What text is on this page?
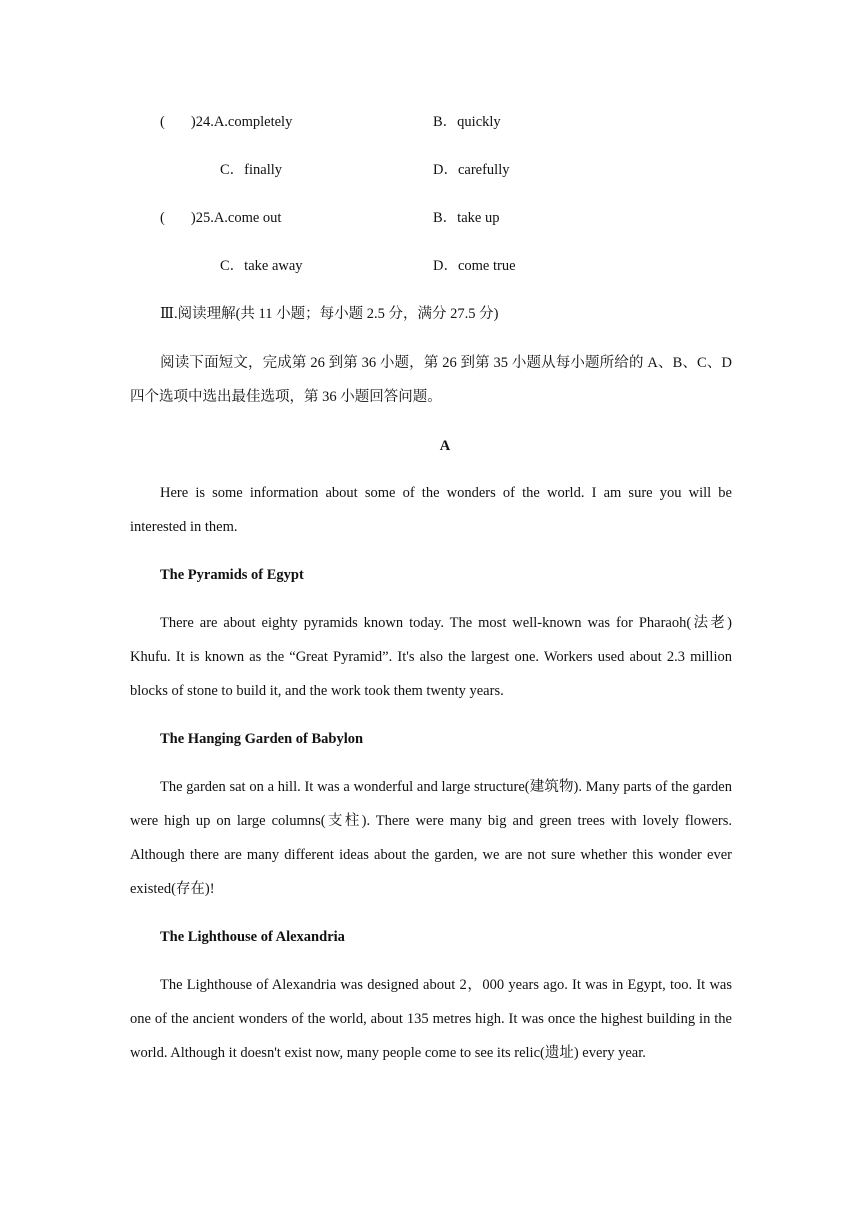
( )24.A.completely	B．quickly
C．finally	D．carefully
( )25.A.come out	B．take up
C．take away	D．come true
Ⅲ.阅读理解(共 11 小题；每小题 2.5 分，满分 27.5 分)
阅读下面短文，完成第 26 到第 36 小题，第 26 到第 35 小题从每小题所给的 A、B、C、D 四个选项中选出最佳选项，第 36 小题回答问题。
A
Here is some information about some of the wonders of the world. I am sure you will be interested in them.
The Pyramids of Egypt
There are about eighty pyramids known today. The most well-known was for Pharaoh(法老) Khufu. It is known as the “Great Pyramid”. It's also the largest one. Workers used about 2.3 million blocks of stone to build it, and the work took them twenty years.
The Hanging Garden of Babylon
The garden sat on a hill. It was a wonderful and large structure(建筑物). Many parts of the garden were high up on large columns(支柱). There were many big and green trees with lovely flowers. Although there are many different ideas about the garden, we are not sure whether this wonder ever existed(存在)!
The Lighthouse of Alexandria
The Lighthouse of Alexandria was designed about 2，000 years ago. It was in Egypt, too. It was one of the ancient wonders of the world, about 135 metres high. It was once the highest building in the world. Although it doesn't exist now, many people come to see its relic(遗址) every year.
